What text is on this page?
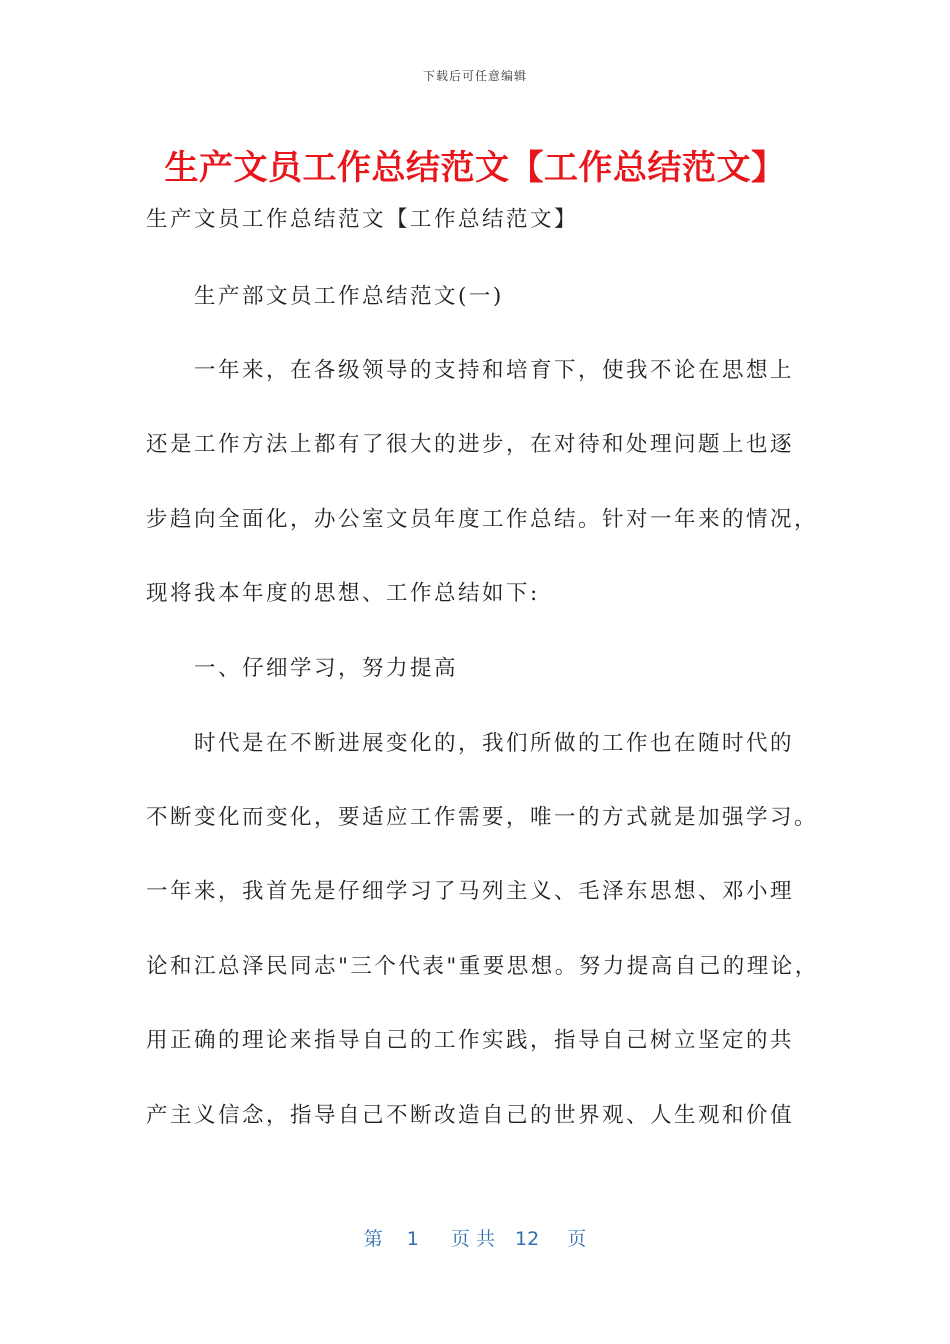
下载后可任意编辑
生产文员工作总结范文【工作总结范文】
生产文员工作总结范文【工作总结范文】
生产部文员工作总结范文(一)
一年来，在各级领导的支持和培育下，使我不论在思想上
还是工作方法上都有了很大的进步，在对待和处理问题上也逐
步趋向全面化，办公室文员年度工作总结。针对一年来的情况，
现将我本年度的思想、工作总结如下:
一、仔细学习，努力提高
时代是在不断进展变化的，我们所做的工作也在随时代的
不断变化而变化，要适应工作需要，唯一的方式就是加强学习。
一年来，我首先是仔细学习了马列主义、毛泽东思想、邓小理
论和江总泽民同志"三个代表"重要思想。努力提高自己的理论，
用正确的理论来指导自己的工作实践，指导自己树立坚定的共
产主义信念，指导自己不断改造自己的世界观、人生观和价值
第 1 页 共 12 页
